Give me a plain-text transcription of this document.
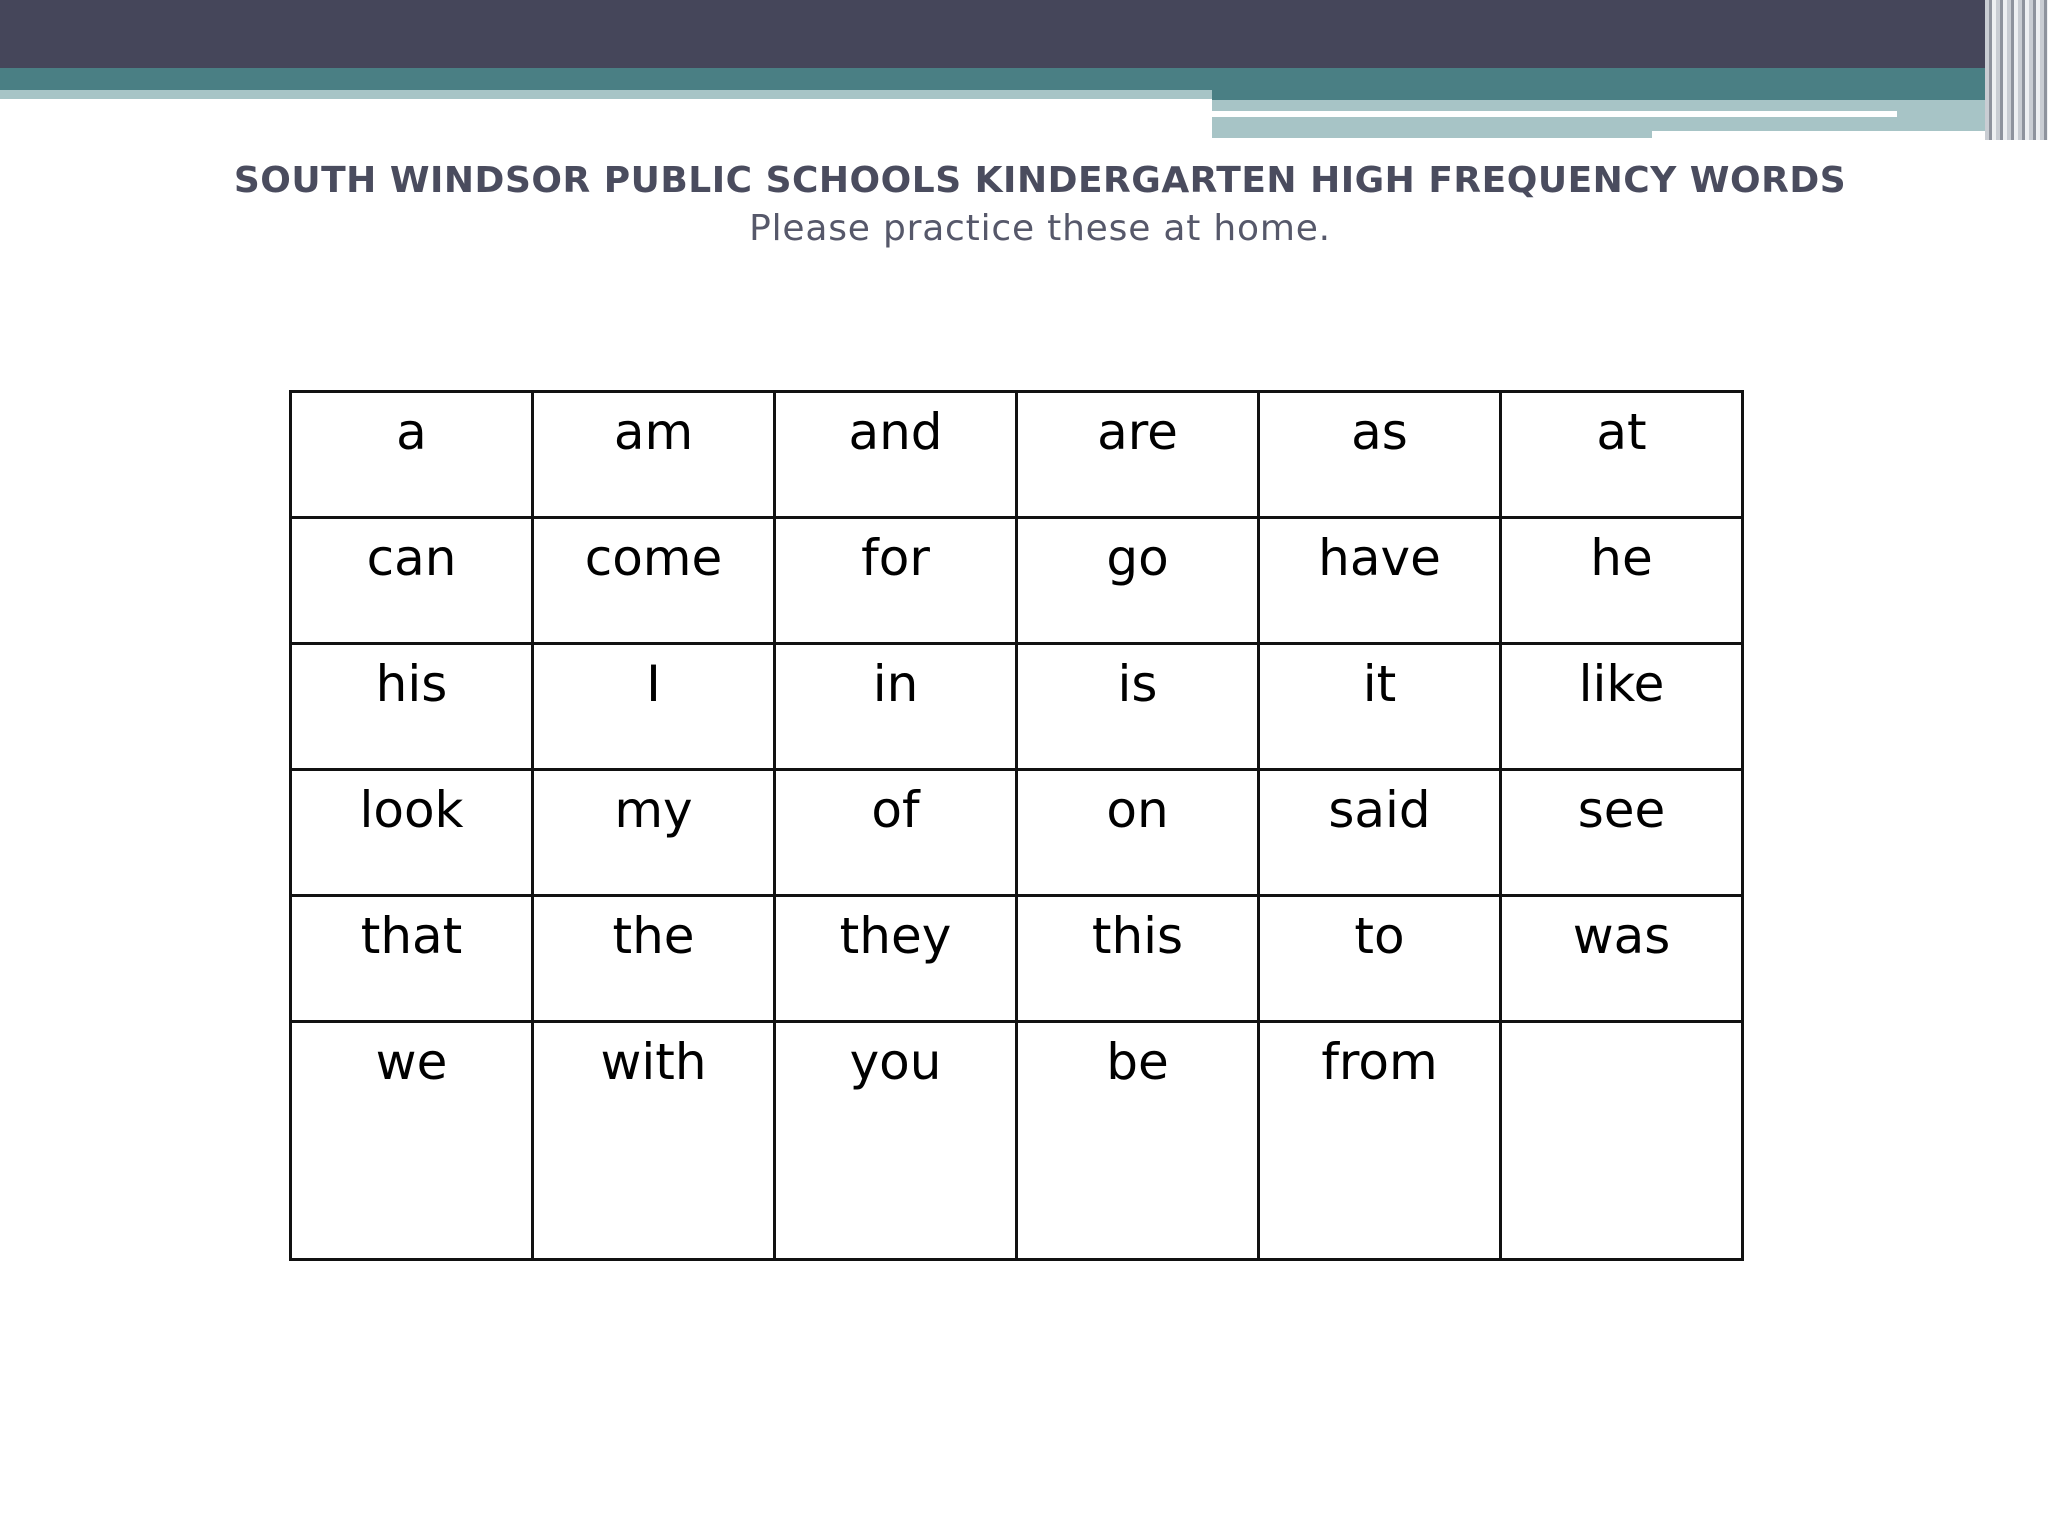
SOUTH WINDSOR PUBLIC SCHOOLS KINDERGARTEN HIGH FREQUENCY WORDS
Please practice these at home.
a	am	and	are	as	at
can	come	for	go	have	he
his	I	in	is	it	like
look	my	of	on	said	see
that	the	they	this	to	was
we	with	you	be	from	
